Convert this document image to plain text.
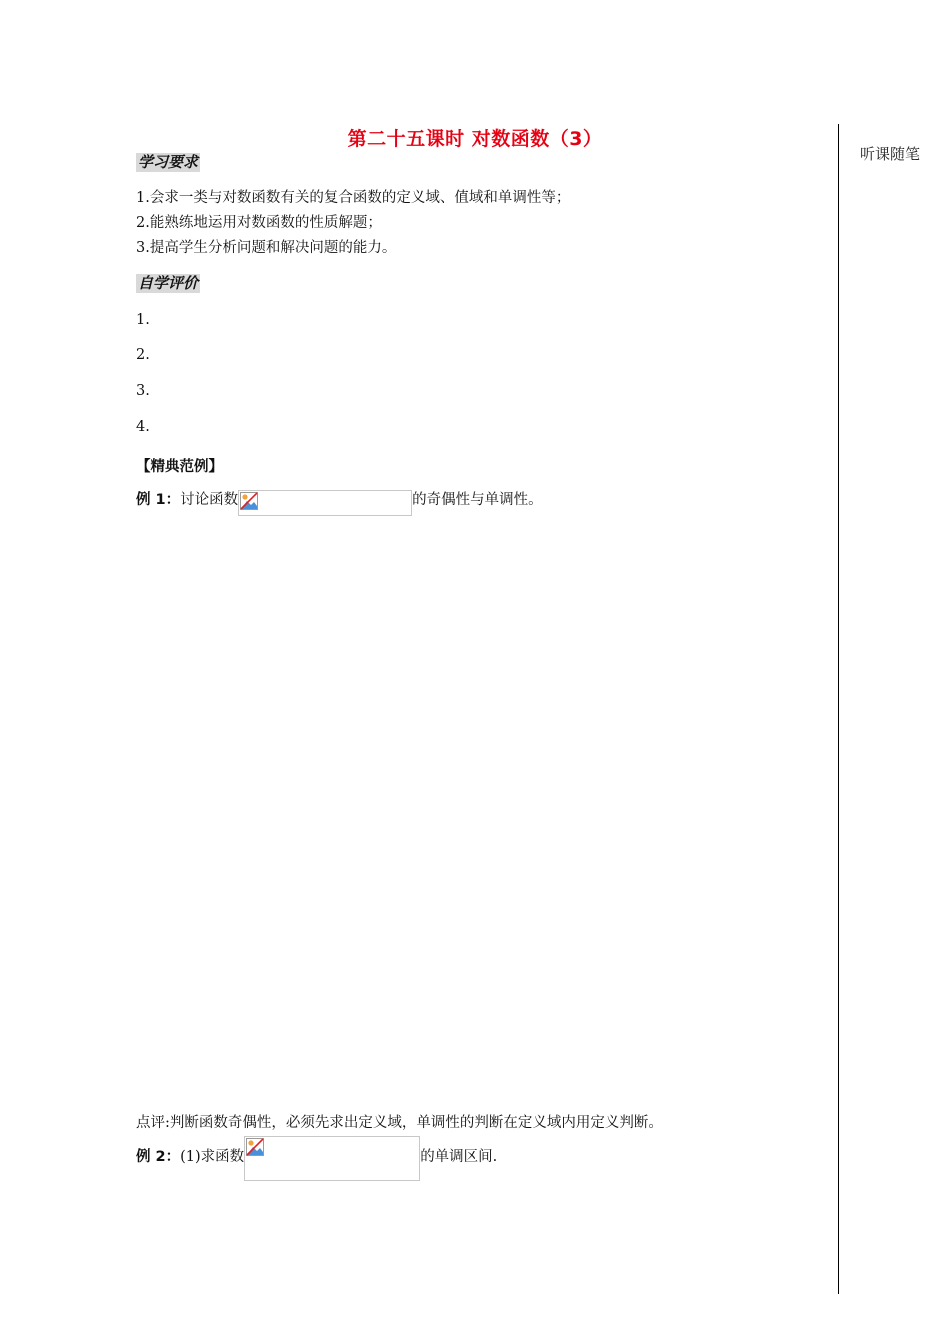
第二十五课时 对数函数（3）
听课随笔
学习要求
1.会求一类与对数函数有关的复合函数的定义域、值域和单调性等；
2.能熟练地运用对数函数的性质解题；
3.提高学生分析问题和解决问题的能力。
自学评价
1.
2.
3.
4.
【精典范例】
例 1：讨论函数	的奇偶性与单调性。
点评:判断函数奇偶性，必须先求出定义域，单调性的判断在定义域内用定义判断。
例 2：(1)求函数	的单调区间.
